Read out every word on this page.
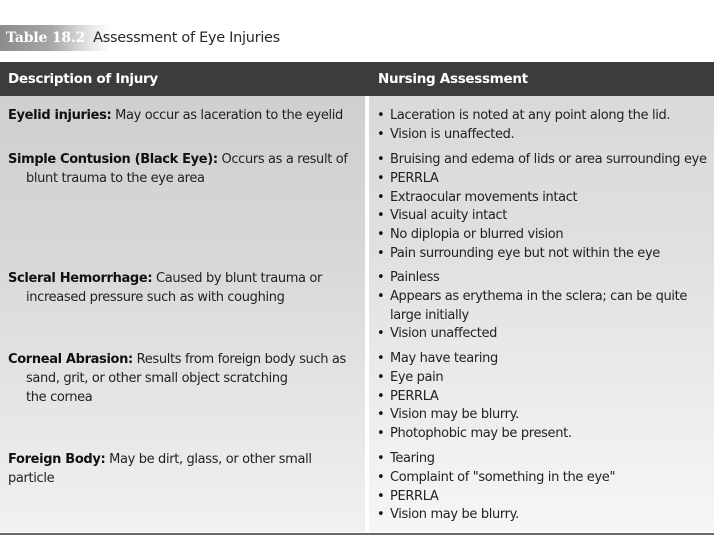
Table 18.2 Assessment of Eye Injuries
Description of Injury	Nursing Assessment
Eyelid injuries: May occur as laceration to the eyelid
Simple Contusion (Black Eye): Occurs as a result of
blunt trauma to the eye area
Scleral Hemorrhage: Caused by blunt trauma or
increased pressure such as with coughing
Corneal Abrasion: Results from foreign body such as
sand, grit, or other small object scratching
the cornea
Foreign Body: May be dirt, glass, or other small particle
• Laceration is noted at any point along the lid.
• Vision is unaffected.
• Bruising and edema of lids or area surrounding eye
• PERRLA
• Extraocular movements intact
• Visual acuity intact
• No diplopia or blurred vision
• Pain surrounding eye but not within the eye
• Painless
• Appears as erythema in the sclera; can be quite large initially
• Vision unaffected
• May have tearing
• Eye pain
• PERRLA
• Vision may be blurry.
• Photophobic may be present.
• Tearing
• Complaint of "something in the eye"
• PERRLA
• Vision may be blurry.
